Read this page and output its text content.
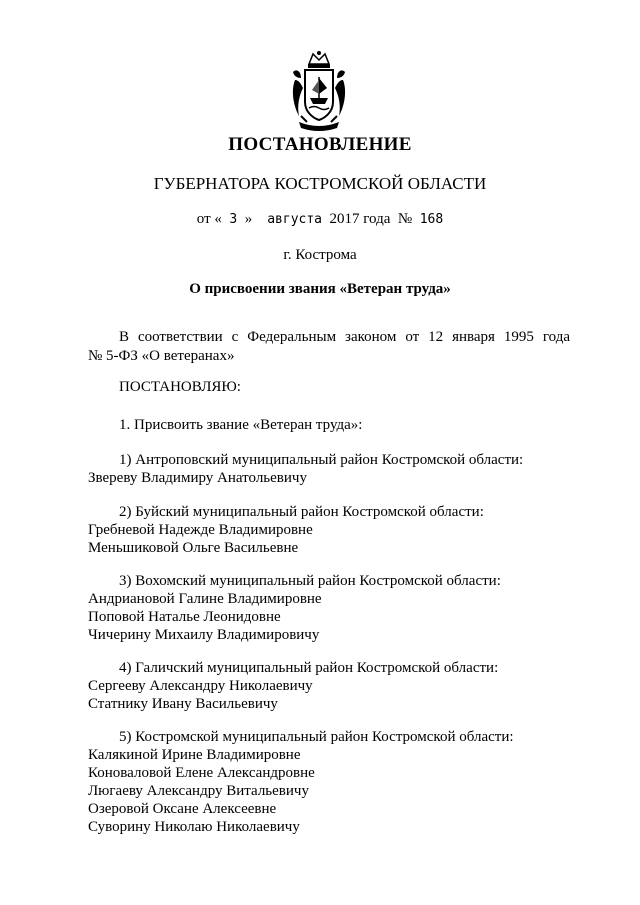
ПОСТАНОВЛЕНИЕ
ГУБЕРНАТОРА КОСТРОМСКОЙ ОБЛАСТИ
от « 3 » августа 2017 года № 168
г. Кострома
О присвоении звания «Ветеран труда»
В соответствии с Федеральным законом от 12 января 1995 года
№ 5-ФЗ «О ветеранах»
ПОСТАНОВЛЯЮ:
1. Присвоить звание «Ветеран труда»:
1) Антроповский муниципальный район Костромской области:
Звереву Владимиру Анатольевичу
2) Буйский муниципальный район Костромской области:
Гребневой Надежде Владимировне
Меньшиковой Ольге Васильевне
3) Вохомский муниципальный район Костромской области:
Андриановой Галине Владимировне
Поповой Наталье Леонидовне
Чичерину Михаилу Владимировичу
4) Галичский муниципальный район Костромской области:
Сергееву Александру Николаевичу
Статнику Ивану Васильевичу
5) Костромской муниципальный район Костромской области:
Калякиной Ирине Владимировне
Коноваловой Елене Александровне
Люгаеву Александру Витальевичу
Озеровой Оксане Алексеевне
Суворину Николаю Николаевичу
